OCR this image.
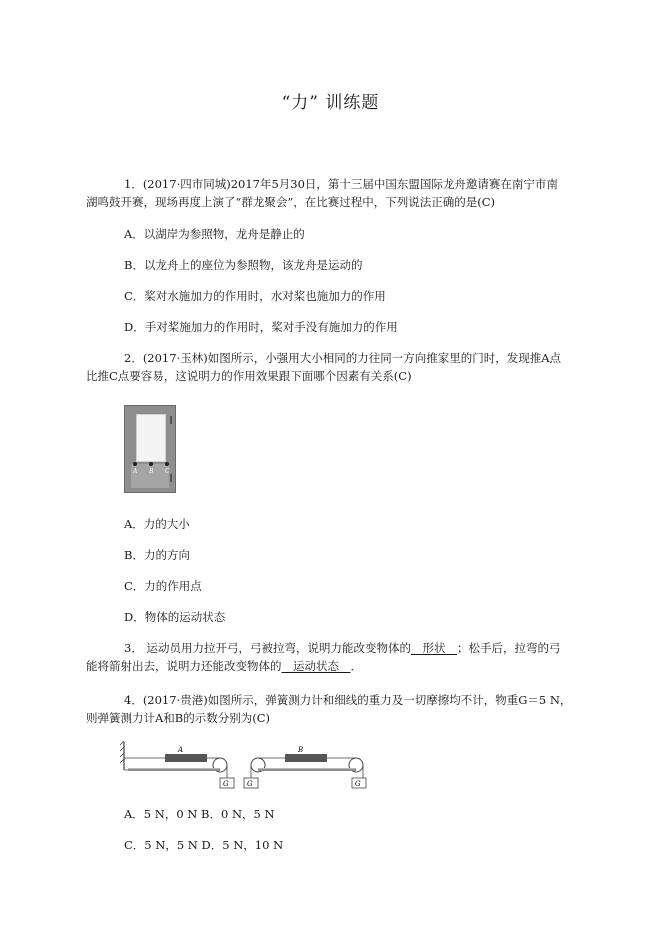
“力” 训练题
1．(2017·四市同城)2017年5月30日，第十三届中国东盟国际龙舟邀请赛在南宁市南
湖鸣鼓开赛，现场再度上演了“群龙聚会”，在比赛过程中，下列说法正确的是(C)
A．以湖岸为参照物，龙舟是静止的
B．以龙舟上的座位为参照物，该龙舟是运动的
C．桨对水施加力的作用时，水对桨也施加力的作用
D．手对桨施加力的作用时，桨对手没有施加力的作用
2．(2017·玉林)如图所示，小强用大小相同的力往同一方向推家里的门时，发现推A点
比推C点要容易，这说明力的作用效果跟下面哪个因素有关系(C)
A B C
A．力的大小
B．力的方向
C．力的作用点
D．物体的运动状态
3． 运动员用力拉开弓，弓被拉弯，说明力能改变物体的__形状__；松手后，拉弯的弓
能将箭射出去，说明力还能改变物体的__运动状态__．
4．(2017·贵港)如图所示，弹簧测力计和细线的重力及一切摩擦均不计，物重G＝5 N，
则弹簧测力计A和B的示数分别为(C)
G
A
G	G
B
A．5 N，0 N B．0 N，5 N
C．5 N，5 N D．5 N，10 N
